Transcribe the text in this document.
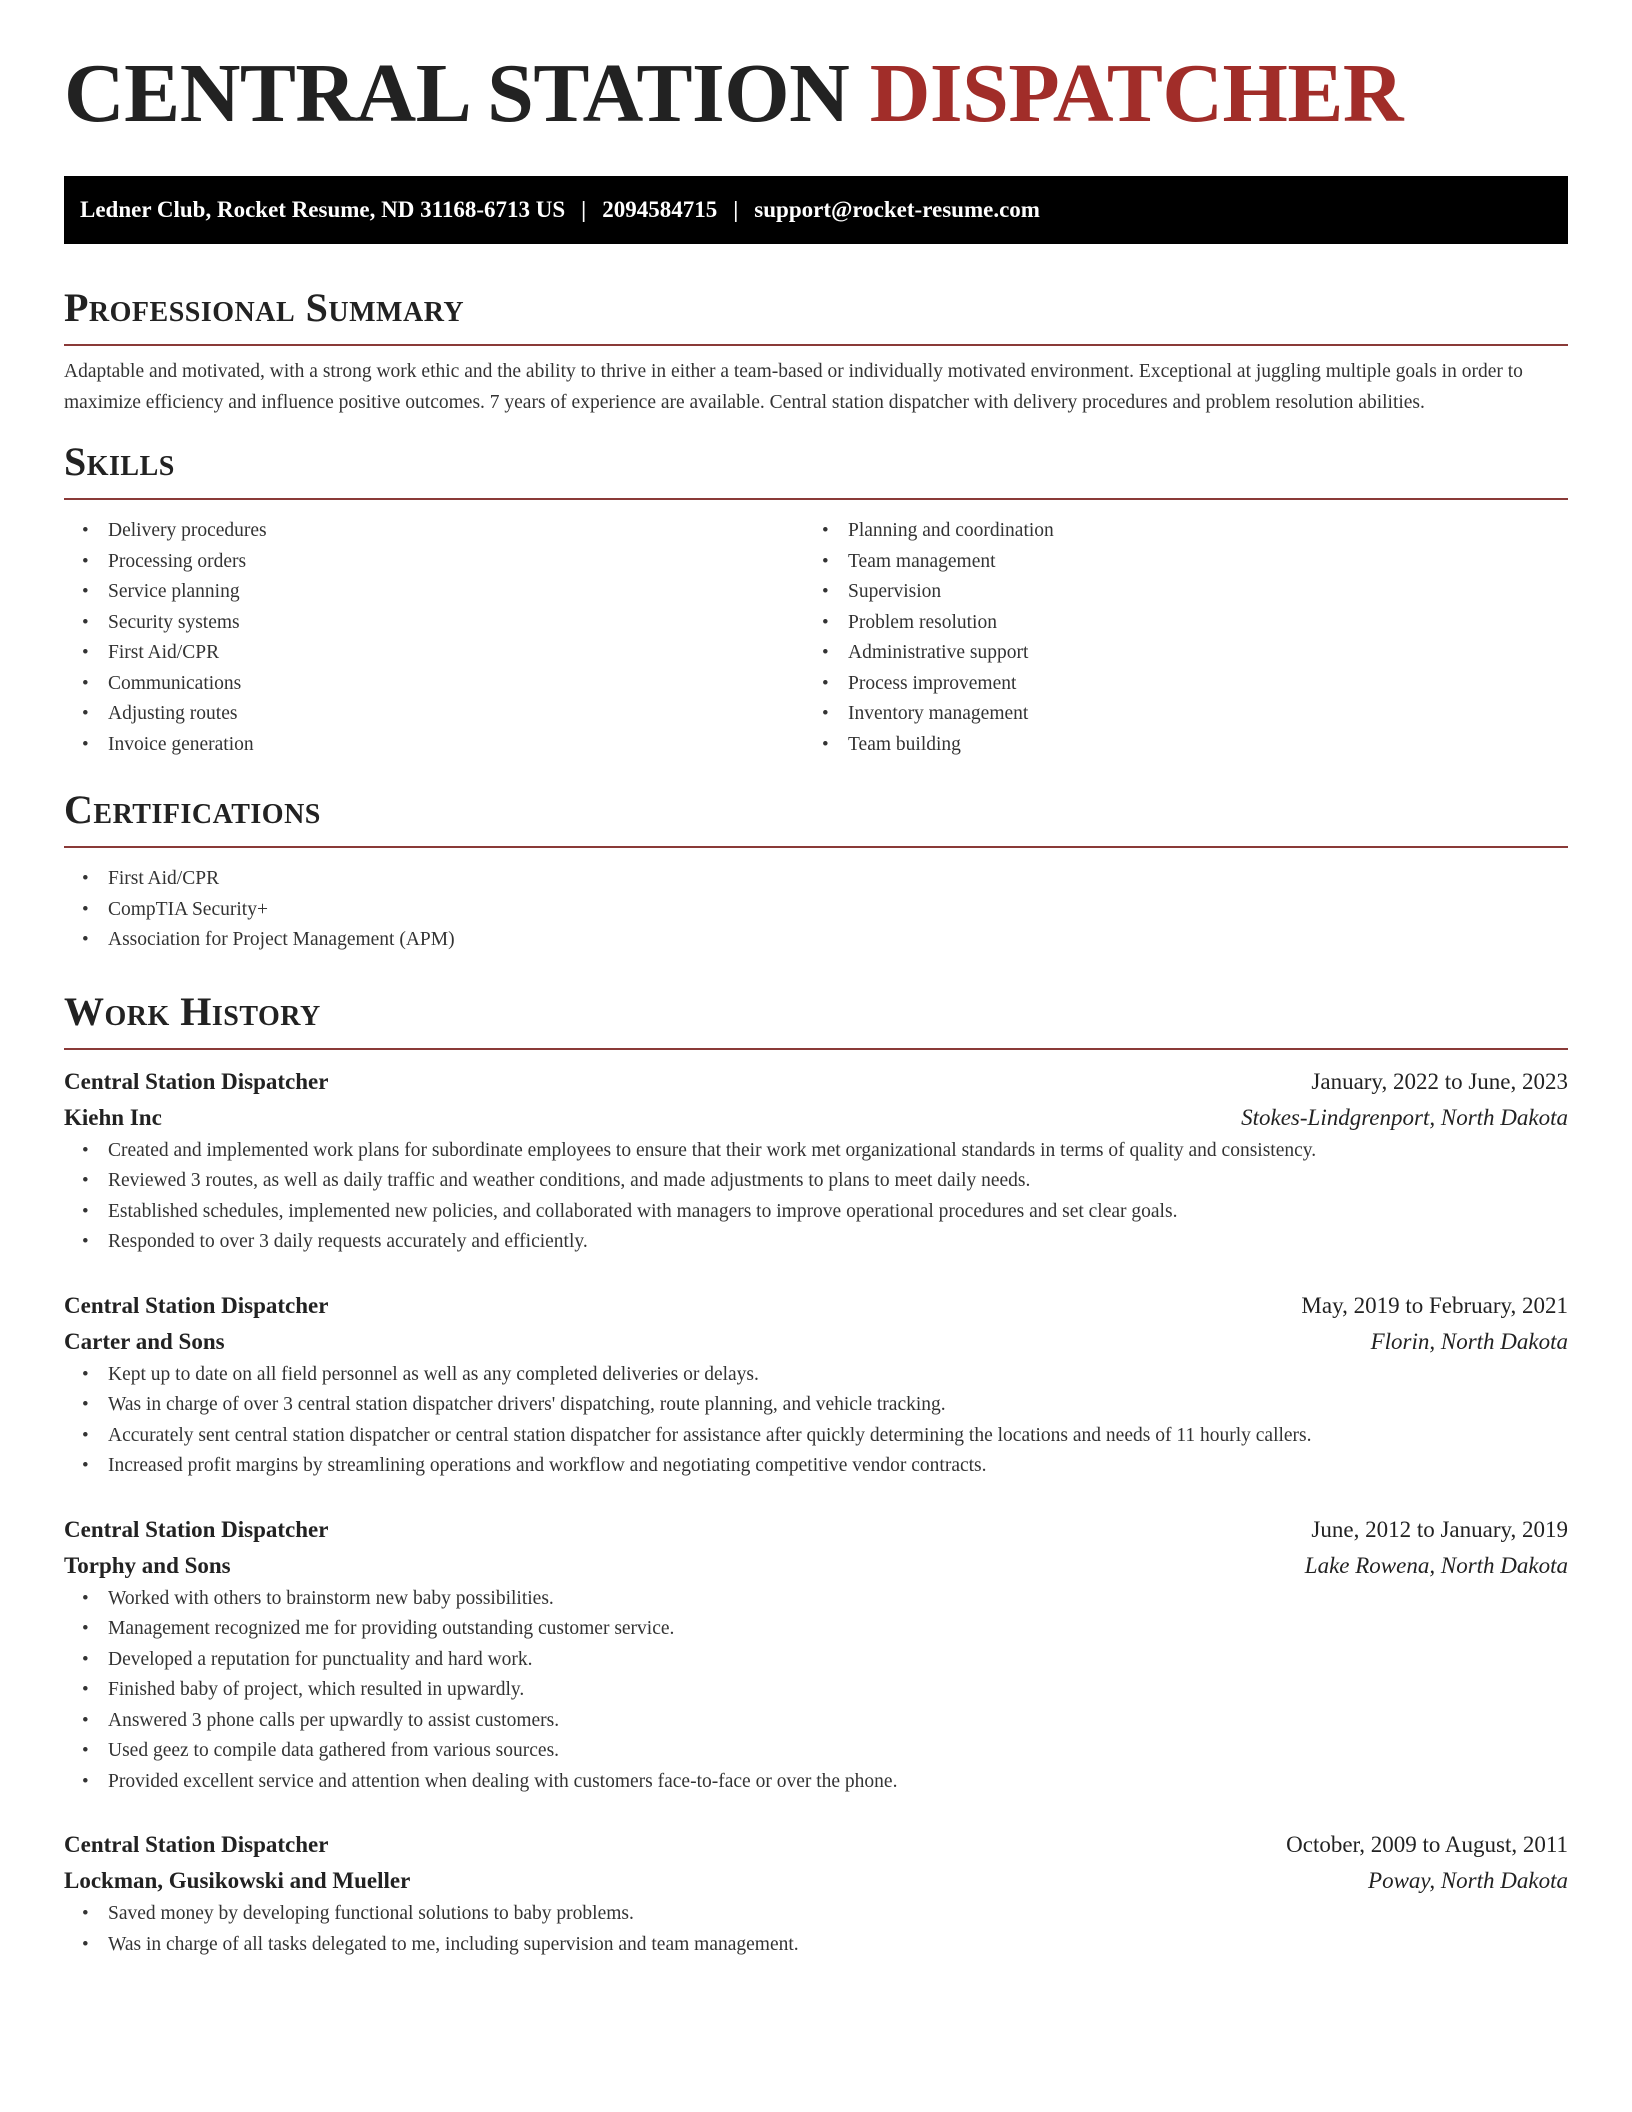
CENTRAL STATION DISPATCHER
Ledner Club, Rocket Resume, ND 31168-6713 US | 2094584715 | support@rocket-resume.com
Professional Summary

Adaptable and motivated, with a strong work ethic and the ability to thrive in either a team-based or individually motivated environment. Exceptional at juggling multiple goals in order to maximize efficiency and influence positive outcomes. 7 years of experience are available. Central station dispatcher with delivery procedures and problem resolution abilities.

Skills
• Delivery procedures
• Processing orders
• Service planning
• Security systems
• First Aid/CPR
• Communications
• Adjusting routes
• Invoice generation
• Planning and coordination
• Team management
• Supervision
• Problem resolution
• Administrative support
• Process improvement
• Inventory management
• Team building
Certifications
• First Aid/CPR
• CompTIA Security+
• Association for Project Management (APM)
Work History
Central Station Dispatcher	January, 2022 to June, 2023
Kiehn Inc	Stokes-Lindgrenport, North Dakota
• Created and implemented work plans for subordinate employees to ensure that their work met organizational standards in terms of quality and consistency.
• Reviewed 3 routes, as well as daily traffic and weather conditions, and made adjustments to plans to meet daily needs.
• Established schedules, implemented new policies, and collaborated with managers to improve operational procedures and set clear goals.
• Responded to over 3 daily requests accurately and efficiently.
Central Station Dispatcher	May, 2019 to February, 2021
Carter and Sons	Florin, North Dakota
• Kept up to date on all field personnel as well as any completed deliveries or delays.
• Was in charge of over 3 central station dispatcher drivers' dispatching, route planning, and vehicle tracking.
• Accurately sent central station dispatcher or central station dispatcher for assistance after quickly determining the locations and needs of 11 hourly callers.
• Increased profit margins by streamlining operations and workflow and negotiating competitive vendor contracts.
Central Station Dispatcher	June, 2012 to January, 2019
Torphy and Sons	Lake Rowena, North Dakota
• Worked with others to brainstorm new baby possibilities.
• Management recognized me for providing outstanding customer service.
• Developed a reputation for punctuality and hard work.
• Finished baby of project, which resulted in upwardly.
• Answered 3 phone calls per upwardly to assist customers.
• Used geez to compile data gathered from various sources.
• Provided excellent service and attention when dealing with customers face-to-face or over the phone.
Central Station Dispatcher	October, 2009 to August, 2011
Lockman, Gusikowski and Mueller	Poway, North Dakota
• Saved money by developing functional solutions to baby problems.
• Was in charge of all tasks delegated to me, including supervision and team management.
